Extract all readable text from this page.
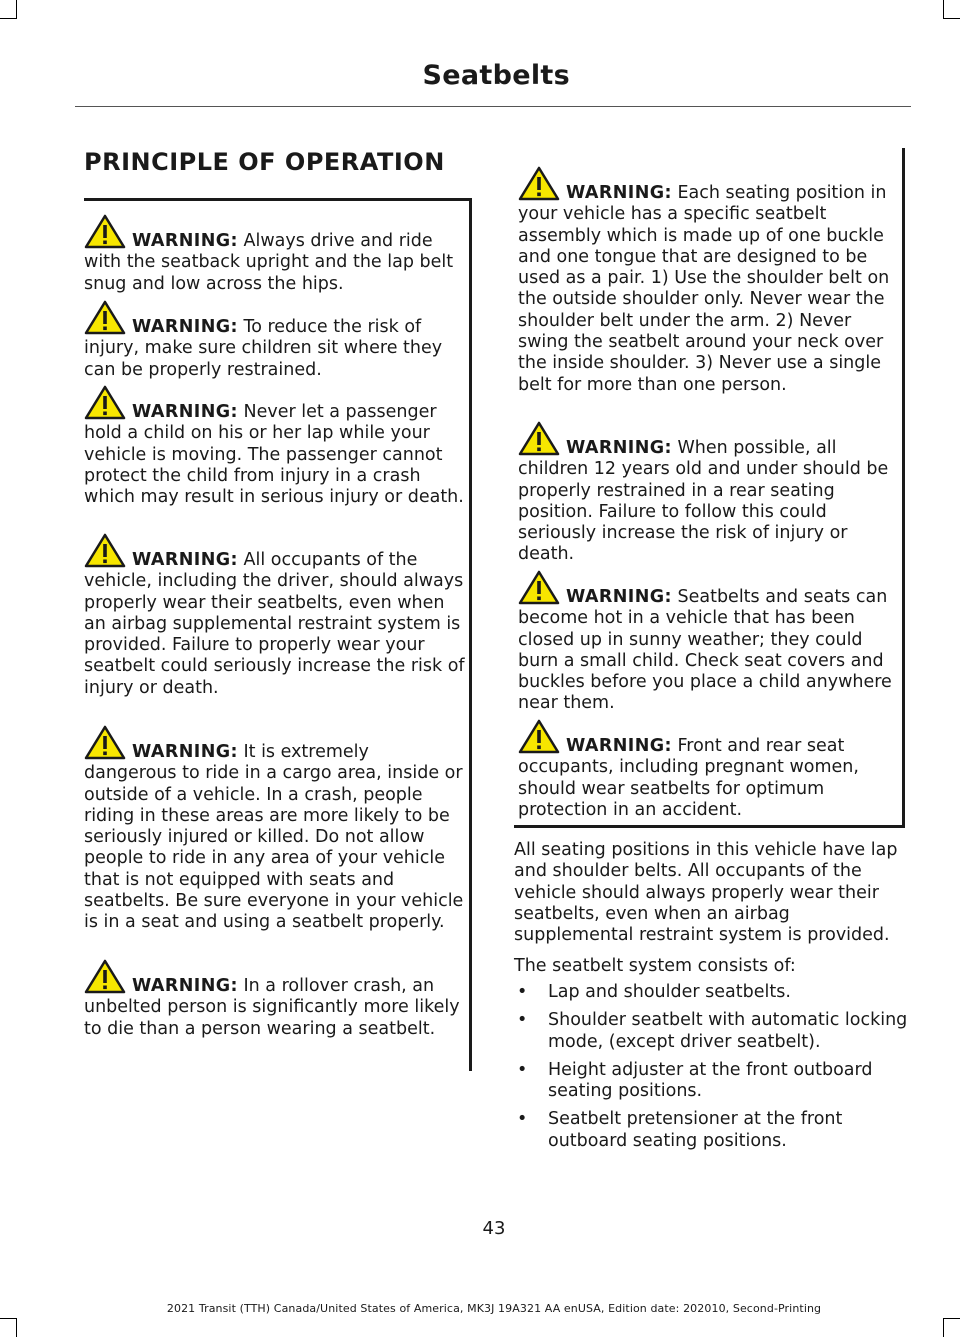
Seatbelts
PRINCIPLE OF OPERATION

WARNING: Always drive and ride with the seatback upright and the lap belt snug and low across the hips.

WARNING: To reduce the risk of injury, make sure children sit where they can be properly restrained.

WARNING: Never let a passenger hold a child on his or her lap while your vehicle is moving. The passenger cannot protect the child from injury in a crash which may result in serious injury or death.

WARNING: All occupants of the vehicle, including the driver, should always properly wear their seatbelts, even when an airbag supplemental restraint system is provided. Failure to properly wear your seatbelt could seriously increase the risk of injury or death.

WARNING: It is extremely dangerous to ride in a cargo area, inside or outside of a vehicle. In a crash, people riding in these areas are more likely to be seriously injured or killed. Do not allow people to ride in any area of your vehicle that is not equipped with seats and seatbelts. Be sure everyone in your vehicle is in a seat and using a seatbelt properly.

WARNING: In a rollover crash, an unbelted person is significantly more likely to die than a person wearing a seatbelt.

WARNING: Each seating position in your vehicle has a specific seatbelt assembly which is made up of one buckle and one tongue that are designed to be used as a pair. 1) Use the shoulder belt on the outside shoulder only. Never wear the shoulder belt under the arm. 2) Never swing the seatbelt around your neck over the inside shoulder. 3) Never use a single belt for more than one person.

WARNING: When possible, all children 12 years old and under should be properly restrained in a rear seating position. Failure to follow this could seriously increase the risk of injury or death.

WARNING: Seatbelts and seats can become hot in a vehicle that has been closed up in sunny weather; they could burn a small child. Check seat covers and buckles before you place a child anywhere near them.

WARNING: Front and rear seat occupants, including pregnant women, should wear seatbelts for optimum protection in an accident.

All seating positions in this vehicle have lap and shoulder belts. All occupants of the vehicle should always properly wear their seatbelts, even when an airbag supplemental restraint system is provided.

The seatbelt system consists of:

• Lap and shoulder seatbelts.
• Shoulder seatbelt with automatic locking mode, (except driver seatbelt).
• Height adjuster at the front outboard seating positions.
• Seatbelt pretensioner at the front outboard seating positions.
43
2021 Transit (TTH) Canada/United States of America, MK3J 19A321 AA enUSA, Edition date: 202010, Second-Printing
